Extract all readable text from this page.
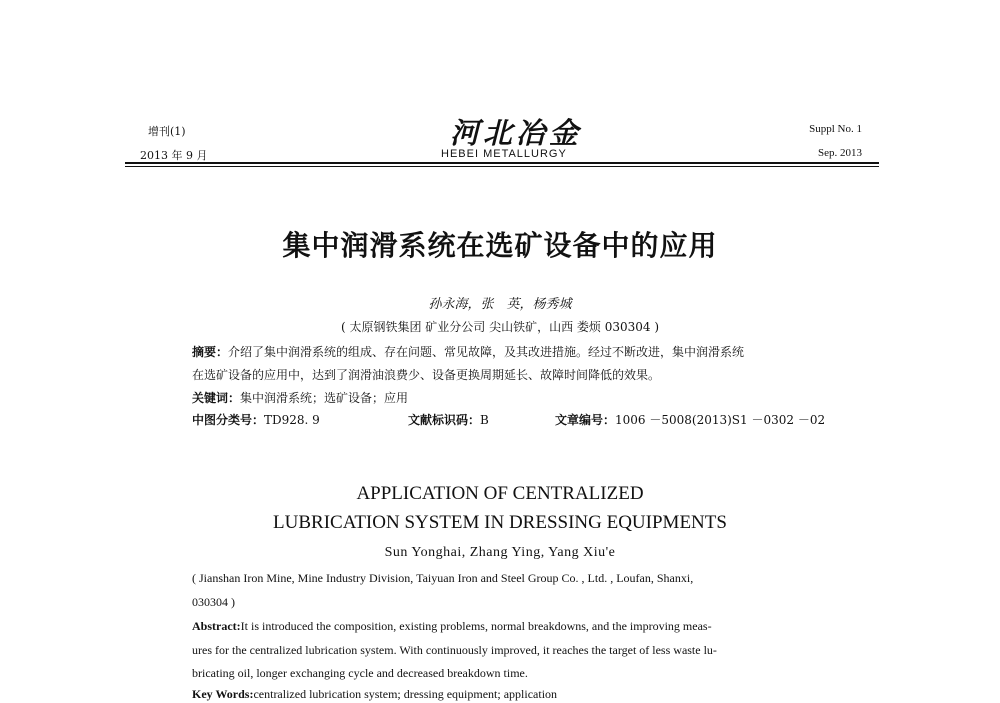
增刊(1)
2013 年 9 月
河北冶金
HEBEI METALLURGY
Suppl No. 1
Sep. 2013
集中润滑系统在选矿设备中的应用
孙永海，张　英，杨秀城
( 太原钢铁集团 矿业分公司 尖山铁矿，山西 娄烦 030304 )
摘要：介绍了集中润滑系统的组成、存在问题、常见故障，及其改进措施。经过不断改进，集中润滑系统
在选矿设备的应用中，达到了润滑油浪费少、设备更换周期延长、故障时间降低的效果。
关键词：集中润滑系统；选矿设备；应用
中图分类号：TD928. 9	文献标识码：B	文章编号：1006 －5008(2013)S1 －0302 －02
APPLICATION OF CENTRALIZED
LUBRICATION SYSTEM IN DRESSING EQUIPMENTS
Sun Yonghai, Zhang Ying, Yang Xiu'e
( Jianshan Iron Mine, Mine Industry Division, Taiyuan Iron and Steel Group Co. , Ltd. , Loufan, Shanxi,
030304 )
Abstract:It is introduced the composition, existing problems, normal breakdowns, and the improving meas-
ures for the centralized lubrication system. With continuously improved, it reaches the target of less waste lu-
bricating oil, longer exchanging cycle and decreased breakdown time.
Key Words:centralized lubrication system; dressing equipment; application
